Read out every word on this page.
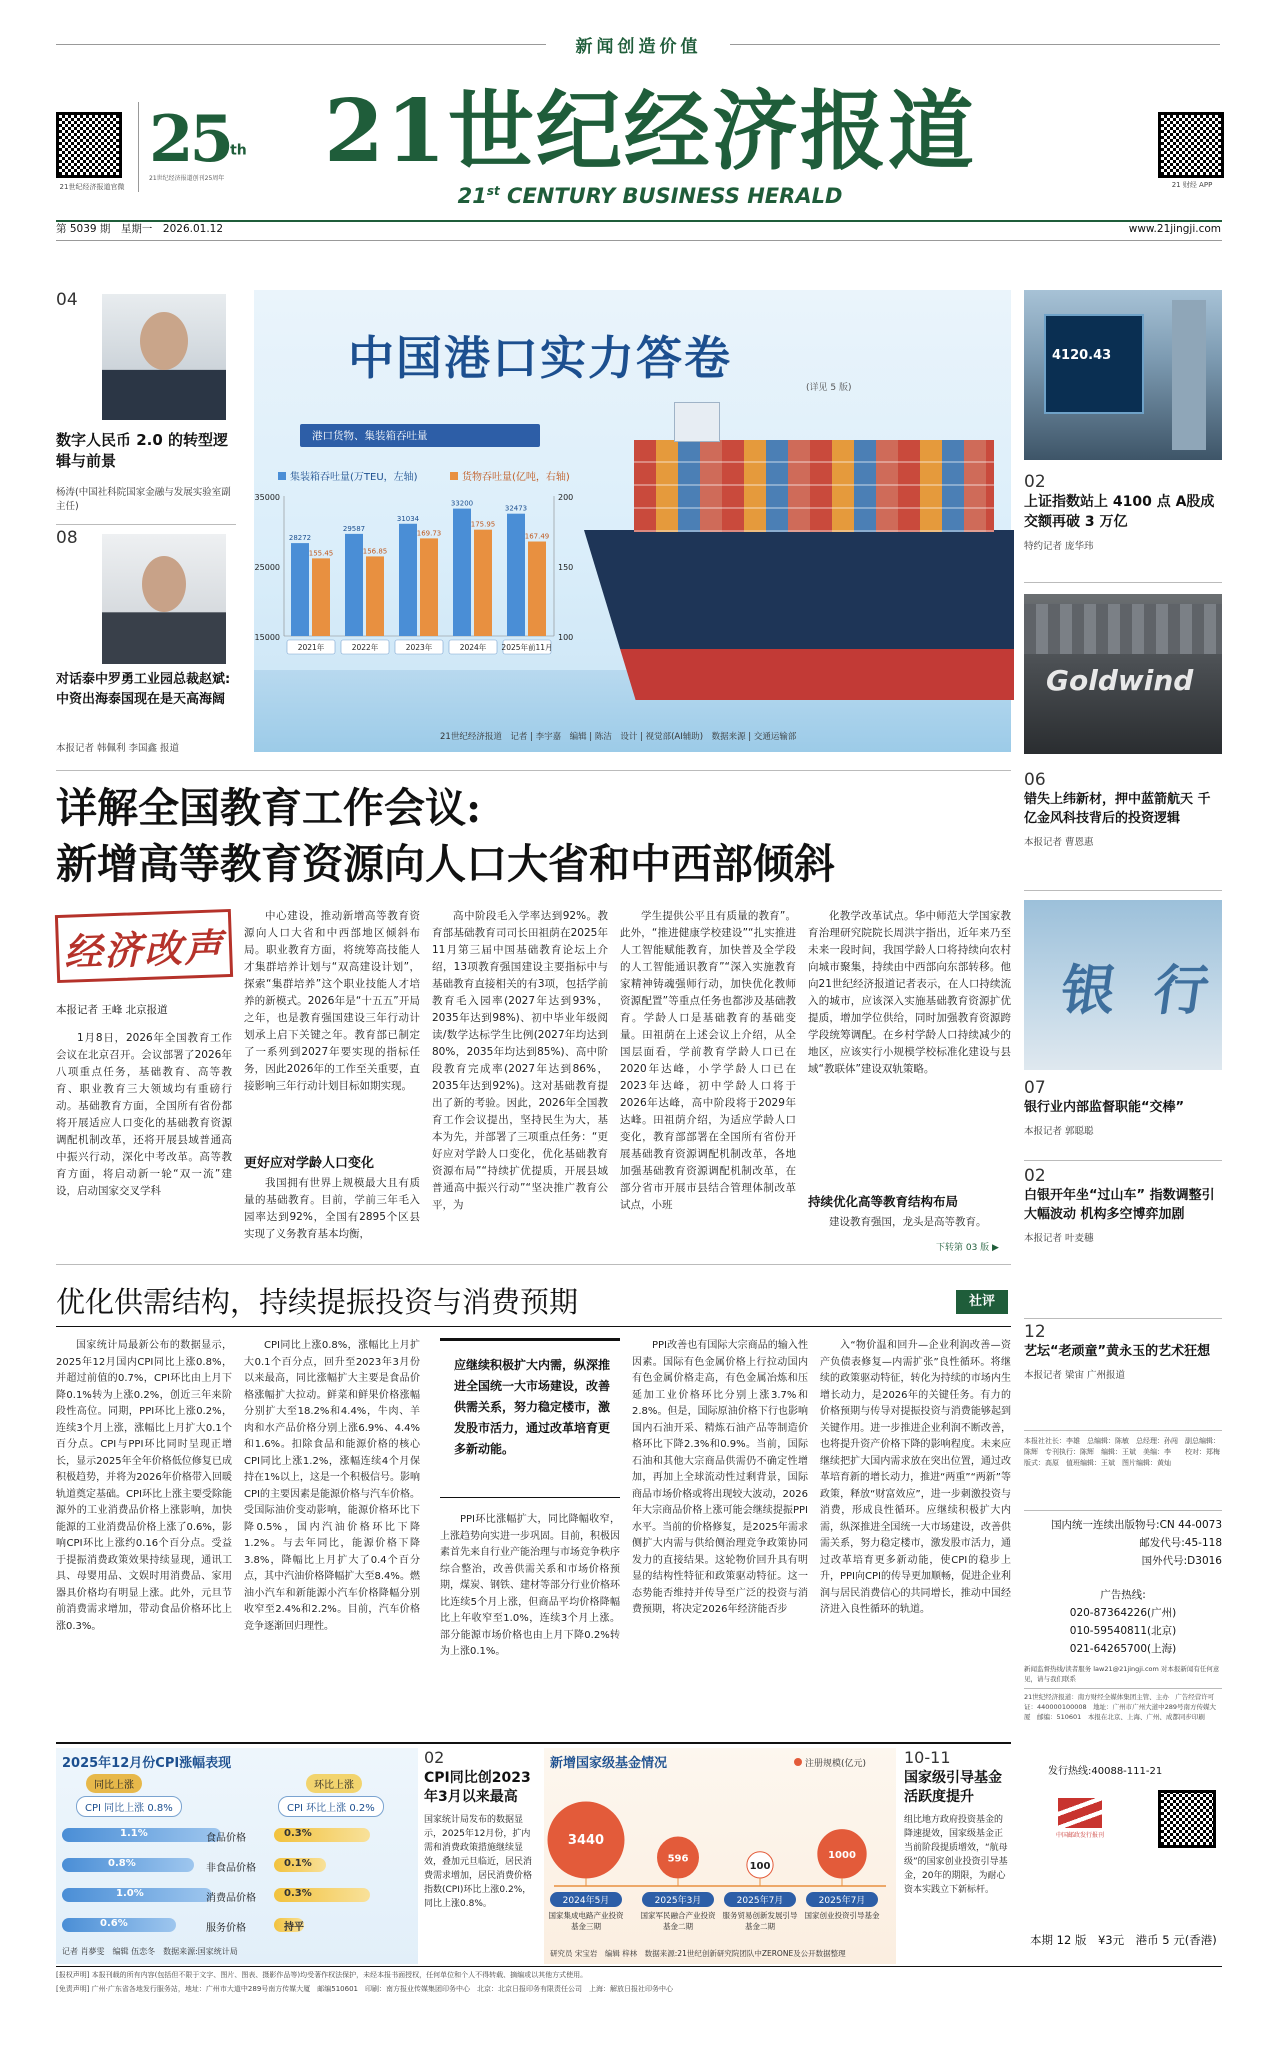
新闻创造价值
21世纪经济报道官微
25th
21世纪经济报道创刊25周年	21世纪经济报道
21st CENTURY BUSINESS HERALD	21 财经 APP
第 5039 期　星期一　2026.01.12	www.21jingji.com
04
数字人民币 2.0 的转型逻辑与前景
杨涛(中国社科院国家金融与发展实验室副主任)
08
对话泰中罗勇工业园总裁赵斌:中资出海泰国现在是天高海阔
本报记者 韩佩利 李国鑫 报道
中国港口实力答卷
(详见 5 版)
港口货物、集装箱吞吐量
集装箱吞吐量(万TEU，左轴)	货物吞吐量(亿吨，右轴)
35000
25000
15000
200
150
100
28272
155.45
2021年
29587
156.85
2022年
31034
169.73
2023年
33200
175.95
2024年
32473
167.49
2025年前11月
21世纪经济报道　记者 | 李宇嘉　编辑 | 陈洁　设计 | 视觉部(AI辅助)　数据来源 | 交通运输部
4120.43
02
上证指数站上 4100 点 A股成交额再破 3 万亿
特约记者 庞华玮
Goldwind
06
错失上纬新材，押中蓝箭航天 千亿金风科技背后的投资逻辑
本报记者 曹恩惠
银 行
07
银行业内部监督职能“交棒”
本报记者 郭聪聪
02
白银开年坐“过山车” 指数调整引大幅波动 机构多空博弈加剧
本报记者 叶麦穗
12
艺坛“老顽童”黄永玉的艺术狂想
本报记者 梁宙 广州报道
本报社社长：李雄　总编辑：陈敏　总经理：孙闯　副总编辑：陈辉　专刊执行：陈辉　编辑：王斌　美编：李　　校对：郑梅　版式：高原　值班编辑：王斌　图片编辑：黄灿
国内统一连续出版物号:CN 44-0073
邮发代号:45-118
国外代号:D3016
广告热线:
020-87364226(广州)
010-59540811(北京)
021-64265700(上海)
新闻监督热线/读者服务 law21@21jingji.com 对本报新闻有任何意见，请与我们联系
21世纪经济报道：南方财经全媒体集团主管、主办　广告经营许可证：440000100008　地址：广州市广州大道中289号南方传媒大厦　邮编：510601　本报在北京、上海、广州、成都同步印刷
发行热线:40088-111-21
中国邮政发行报刊
本期 12 版　¥3元　港币 5 元(香港)
详解全国教育工作会议:
新增高等教育资源向人口大省和中西部倾斜
经济改声
本报记者 王峰 北京报道
1月8日，2026年全国教育工作会议在北京召开。会议部署了2026年八项重点任务，基础教育、高等教育、职业教育三大领域均有重磅行动。基础教育方面，全国所有省份都将开展适应人口变化的基础教育资源调配机制改革，还将开展县域普通高中振兴行动，深化中考改革。高等教育方面，将启动新一轮“双一流”建设，启动国家交叉学科
中心建设，推动新增高等教育资源向人口大省和中西部地区倾斜布局。职业教育方面，将统筹高技能人才集群培养计划与“双高建设计划”，探索“集群培养”这个职业技能人才培养的新模式。2026年是“十五五”开局之年，也是教育强国建设三年行动计划承上启下关键之年。教育部已制定了一系列到2027年要实现的指标任务，因此2026年的工作至关重要，直接影响三年行动计划目标如期实现。
更好应对学龄人口变化
我国拥有世界上规模最大且有质量的基础教育。目前，学前三年毛入园率达到92%，全国有2895个区县实现了义务教育基本均衡，
高中阶段毛入学率达到92%。教育部基础教育司司长田祖荫在2025年11月第三届中国基础教育论坛上介绍，13项教育强国建设主要指标中与基础教育直接相关的有3项，包括学前教育毛入园率(2027年达到93%，2035年达到98%)、初中毕业年级阅读/数学达标学生比例(2027年均达到80%，2035年均达到85%)、高中阶段教育完成率(2027年达到86%，2035年达到92%)。这对基础教育提出了新的考验。因此，2026年全国教育工作会议提出，坚持民生为大，基本为先，并部署了三项重点任务：“更好应对学龄人口变化，优化基础教育资源布局”“持续扩优提质，开展县域普通高中振兴行动”“坚决推广教育公平，为
学生提供公平且有质量的教育”。此外，“推进健康学校建设”“扎实推进人工智能赋能教育，加快普及全学段的人工智能通识教育”“深入实施教育家精神铸魂强师行动，加快优化教师资源配置”等重点任务也都涉及基础教育。学龄人口是基础教育的基础变量。田祖荫在上述会议上介绍，从全国层面看，学前教育学龄人口已在2020年达峰，小学学龄人口已在2023年达峰，初中学龄人口将于2026年达峰，高中阶段将于2029年达峰。田祖荫介绍，为适应学龄人口变化，教育部部署在全国所有省份开展基础教育资源调配机制改革，各地加强基础教育资源调配机制改革，在部分省市开展市县结合管理体制改革试点，小班
化教学改革试点。华中师范大学国家教育治理研究院院长周洪宇指出，近年来乃至未来一段时间，我国学龄人口将持续向农村向城市聚集，持续由中西部向东部转移。他向21世纪经济报道记者表示，在人口持续流入的城市，应该深入实施基础教育资源扩优提质，增加学位供给，同时加强教育资源跨学段统筹调配。在乡村学龄人口持续减少的地区，应该实行小规模学校标准化建设与县域“教联体”建设双轨策略。
持续优化高等教育结构布局
建设教育强国，龙头是高等教育。
下转第 03 版 ▶
优化供需结构，持续提振投资与消费预期	社评
国家统计局最新公布的数据显示，2025年12月国内CPI同比上涨0.8%，并超过前值的0.7%，CPI环比由上月下降0.1%转为上涨0.2%，创近三年来阶段性高位。同期，PPI环比上涨0.2%，连续3个月上涨，涨幅比上月扩大0.1个百分点。CPI与PPI环比同时呈现正增长，显示2025年全年价格低位修复已成积极趋势，并将为2026年价格带入回暖轨道奠定基础。CPI环比上涨主要受除能源外的工业消费品价格上涨影响，加快能源的工业消费品价格上涨了0.6%，影响CPI环比上涨约0.16个百分点。受益于提振消费政策效果持续显现，通讯工具、母婴用品、文娱时用消费品、家用器具价格均有明显上涨。此外，元旦节前消费需求增加，带动食品价格环比上涨0.3%。
CPI同比上涨0.8%，涨幅比上月扩大0.1个百分点，回升至2023年3月份以来最高，同比涨幅扩大主要是食品价格涨幅扩大拉动。鲜菜和鲜果价格涨幅分别扩大至18.2%和4.4%，牛肉、羊肉和水产品价格分别上涨6.9%、4.4%和1.6%。扣除食品和能源价格的核心CPI同比上涨1.2%，涨幅连续4个月保持在1%以上，这是一个积极信号。影响CPI的主要因素是能源价格与汽车价格。受国际油价变动影响，能源价格环比下降0.5%，国内汽油价格环比下降1.2%。与去年同比，能源价格下降3.8%，降幅比上月扩大了0.4个百分点，其中汽油价格降幅扩大至8.4%。燃油小汽车和新能源小汽车价格降幅分别收窄至2.4%和2.2%。目前，汽车价格竞争逐渐回归理性。
应继续积极扩大内需，纵深推进全国统一大市场建设，改善供需关系，努力稳定楼市，激发股市活力，通过改革培育更多新动能。
PPI环比涨幅扩大，同比降幅收窄，上涨趋势向实进一步巩固。目前，积极因素首先来自行业产能治理与市场竞争秩序综合整治，改善供需关系和市场价格预期，煤炭、钢铁、建材等部分行业价格环比连续5个月上涨，但商品平均价格降幅比上年收窄至1.0%，连续3个月上涨。部分能源市场价格也由上月下降0.2%转为上涨0.1%。
PPI改善也有国际大宗商品的输入性因素。国际有色金属价格上行拉动国内有色金属价格走高，有色金属冶炼和压延加工业价格环比分别上涨3.7%和2.8%。但是，国际原油价格下行也影响国内石油开采、精炼石油产品等制造价格环比下降2.3%和0.9%。当前，国际石油和其他大宗商品供需仍不确定性增加，再加上全球流动性过剩背景，国际商品市场价格或将出现较大波动，2026年大宗商品价格上涨可能会继续提振PPI水平。当前的价格修复，是2025年需求侧扩大内需与供给侧治理竞争政策协同发力的直接结果。这轮物价回升具有明显的结构性特征和政策驱动特征。这一态势能否维持并传导至广泛的投资与消费预期，将决定2026年经济能否步
入“物价温和回升—企业利润改善—资产负债表修复—内需扩张”良性循环。将继续的政策驱动特征，转化为持续的市场内生增长动力，是2026年的关键任务。有力的价格预期与传导对提振投资与消费能够起到关键作用。进一步推进企业利润不断改善，也将提升资产价格下降的影响程度。未来应继续把扩大国内需求放在突出位置，通过改革培育新的增长动力，推进“两重”“两新”等政策，释放“财富效应”，进一步刺激投资与消费，形成良性循环。应继续积极扩大内需，纵深推进全国统一大市场建设，改善供需关系，努力稳定楼市，激发股市活力，通过改革培育更多新动能，使CPI的稳步上升，PPI向CPI的传导更加顺畅，促进企业利润与居民消费信心的共同增长，推动中国经济进入良性循环的轨道。
2025年12月份CPI涨幅表现
同比上涨	环比上涨
CPI 同比上涨 0.8%	CPI 环比上涨 0.2%
1.1%	食品价格	0.3%
0.8%	非食品价格	0.1%
1.0%	消费品价格	0.3%
0.6%	服务价格	持平
记者 肖夢雯　编辑 伍恋冬　数据来源:国家统计局
02
CPI同比创2023年3月以来最高
国家统计局发布的数据显示，2025年12月份，扩内需和消费政策措施继续显效，叠加元旦临近，居民消费需求增加，居民消费价格指数(CPI)环比上涨0.2%，同比上涨0.8%。
新增国家级基金情况	注册规模(亿元)
3440
596
100
1000
2024年5月
国家集成电路产业投资基金三期
2025年3月
国家军民融合产业投资基金二期
2025年7月
服务贸易创新发展引导基金二期
2025年7月
国家创业投资引导基金
研究员 宋宝岩　编辑 梓林　数据来源:21世纪创新研究院团队中ZERONE及公开数据整理
10-11
国家级引导基金活跃度提升
组比地方政府投资基金的降速提效，国家级基金正当前阶段提质增效，“航母级”的国家创业投资引导基金，20年的期限，为耐心资本实践立下新标杆。
[报权声明] 本报刊载的所有内容(包括但不限于文字、图片、图表、摄影作品等)均受著作权法保护，未经本报书面授权，任何单位和个人不得转载、摘编或以其他方式使用。
[免责声明] 广州·广东省各地发行服务站，地址：广州市大道中289号南方传媒大厦　邮编510601　印刷：南方报业传媒集团印务中心　北京：北京日报印务有限责任公司　上海：解放日报社印务中心
